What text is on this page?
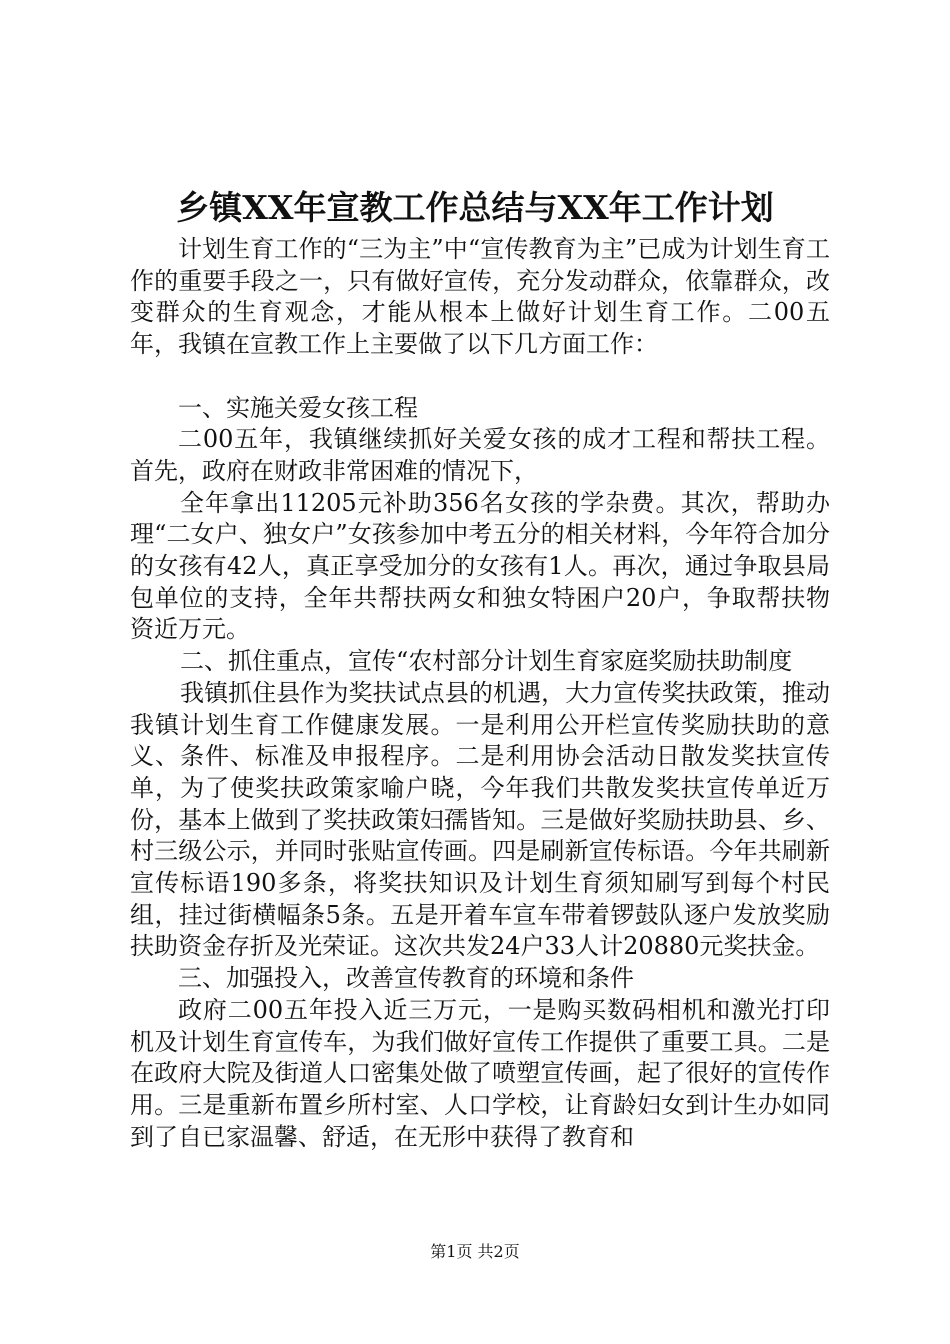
乡镇XX年宣教工作总结与XX年工作计划

计划生育工作的“三为主”中“宣传教育为主”已成为计划生育工作的重要手段之一，只有做好宣传，充分发动群众，依靠群众，改变群众的生育观念，才能从根本上做好计划生育工作。二00五年，我镇在宣教工作上主要做了以下几方面工作：

一、实施关爱女孩工程

二00五年，我镇继续抓好关爱女孩的成才工程和帮扶工程。首先，政府在财政非常困难的情况下，

全年拿出11205元补助356名女孩的学杂费。其次，帮助办理“二女户、独女户”女孩参加中考五分的相关材料，今年符合加分的女孩有42人，真正享受加分的女孩有1人。再次，通过争取县局包单位的支持，全年共帮扶两女和独女特困户20户，争取帮扶物资近万元。

二、抓住重点，宣传“农村部分计划生育家庭奖励扶助制度

我镇抓住县作为奖扶试点县的机遇，大力宣传奖扶政策，推动我镇计划生育工作健康发展。一是利用公开栏宣传奖励扶助的意义、条件、标准及申报程序。二是利用协会活动日散发奖扶宣传单，为了使奖扶政策家喻户晓，今年我们共散发奖扶宣传单近万份，基本上做到了奖扶政策妇孺皆知。三是做好奖励扶助县、乡、村三级公示，并同时张贴宣传画。四是刷新宣传标语。今年共刷新宣传标语190多条，将奖扶知识及计划生育须知刷写到每个村民组，挂过街横幅条5条。五是开着车宣车带着锣鼓队逐户发放奖励扶助资金存折及光荣证。这次共发24户33人计20880元奖扶金。

三、加强投入，改善宣传教育的环境和条件

政府二00五年投入近三万元，一是购买数码相机和激光打印机及计划生育宣传车，为我们做好宣传工作提供了重要工具。二是在政府大院及街道人口密集处做了喷塑宣传画，起了很好的宣传作用。三是重新布置乡所村室、人口学校，让育龄妇女到计生办如同到了自已家温馨、舒适，在无形中获得了教育和

第1页 共2页
